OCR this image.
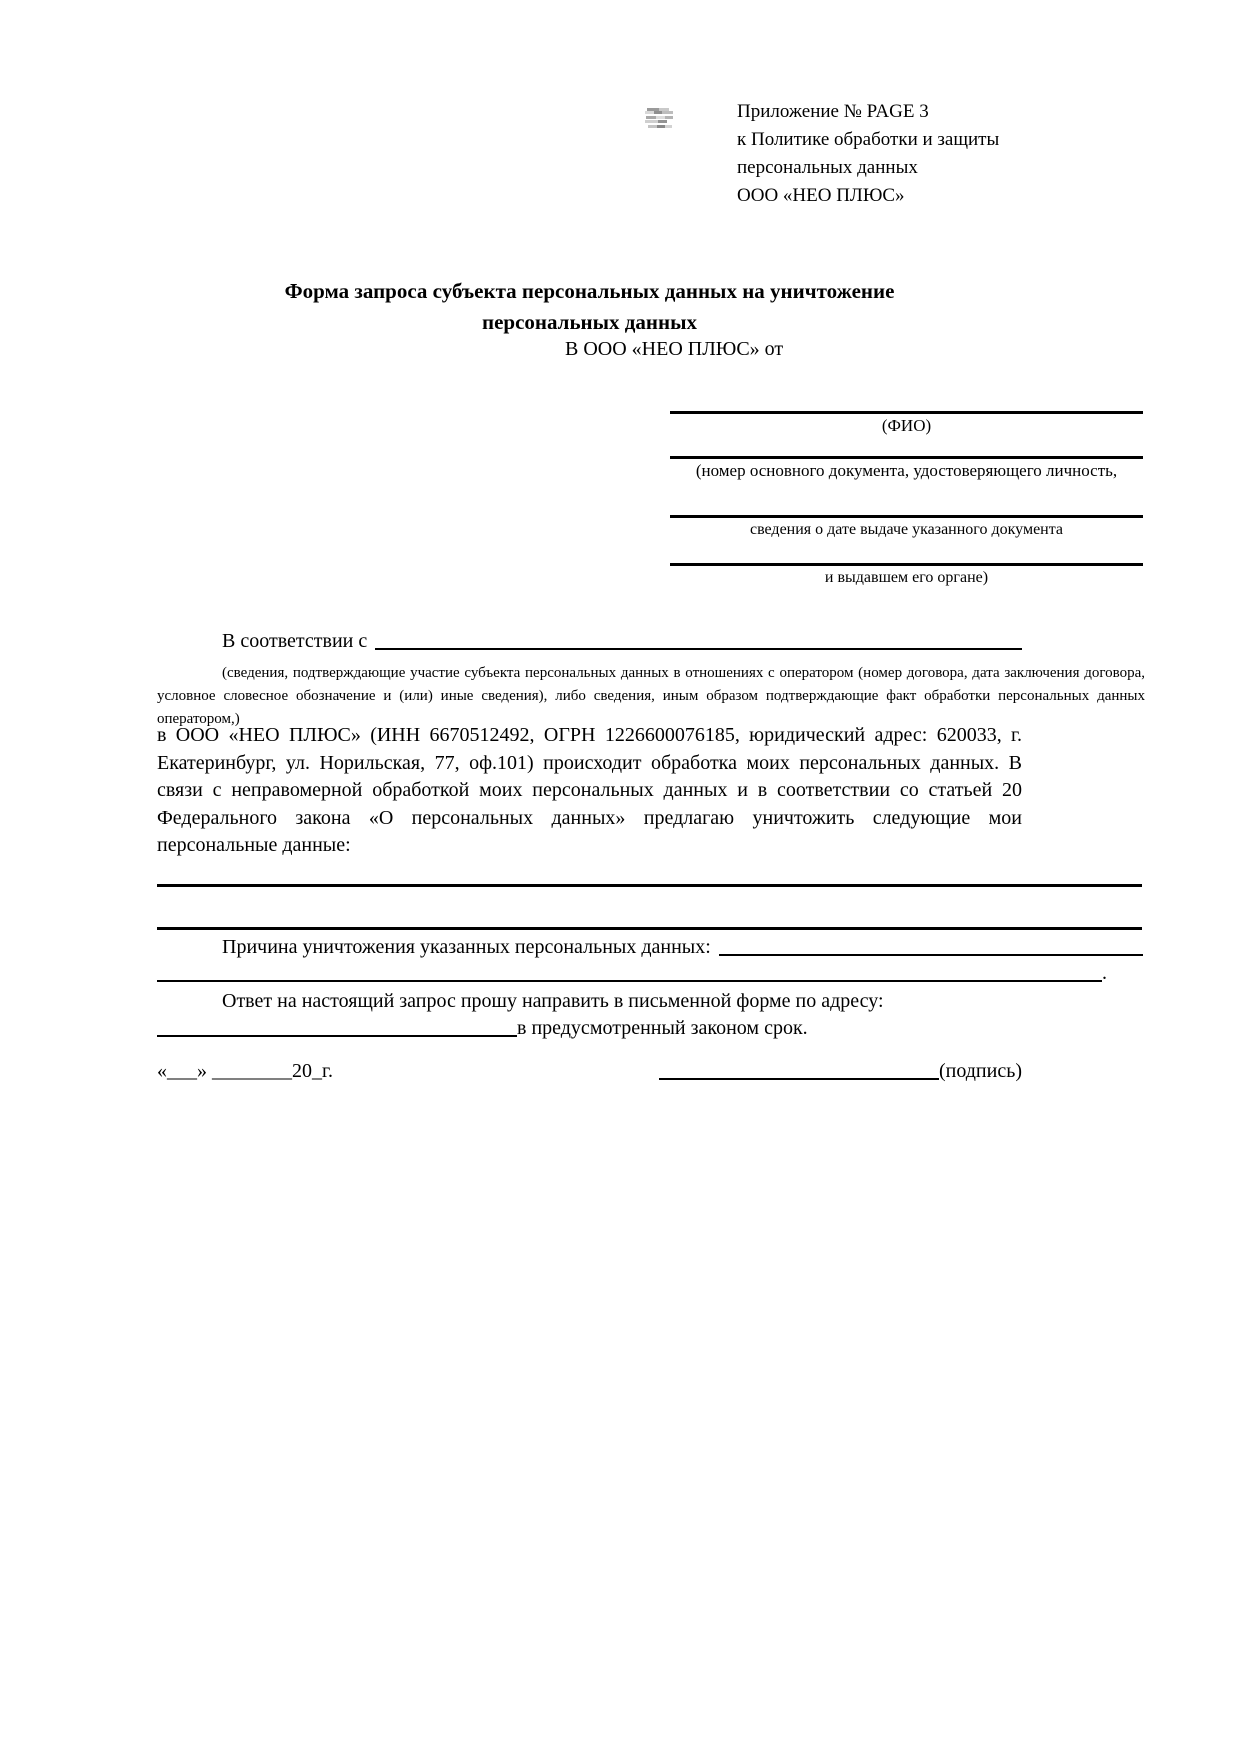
Приложение № PAGE 3
к Политике обработки и защиты
персональных данных
ООО «НЕО ПЛЮС»
Форма запроса субъекта персональных данных на уничтожение
персональных данных
В ООО «НЕО ПЛЮС» от
(ФИО)
(номер основного документа, удостоверяющего личность,
сведения о дате выдаче указанного документа
и выдавшем его органе)
В соответствии с
(сведения, подтверждающие участие субъекта персональных данных в отношениях с оператором (номер договора, дата заключения договора, условное словесное обозначение и (или) иные сведения), либо сведения, иным образом подтверждающие факт обработки персональных данных оператором,)
в ООО «НЕО ПЛЮС» (ИНН 6670512492, ОГРН 1226600076185, юридический адрес: 620033, г. Екатеринбург, ул. Норильская, 77, оф.101) происходит обработка моих персональных данных. В связи с неправомерной обработкой моих персональных данных и в соответствии со статьей 20 Федерального закона «О персональных данных» предлагаю уничтожить следующие мои персональные данные:
Причина уничтожения указанных персональных данных:
.
Ответ на настоящий запрос прошу направить в письменной форме по адресу:
в предусмотренный законом срок.
«___» ________20_г.	(подпись)
